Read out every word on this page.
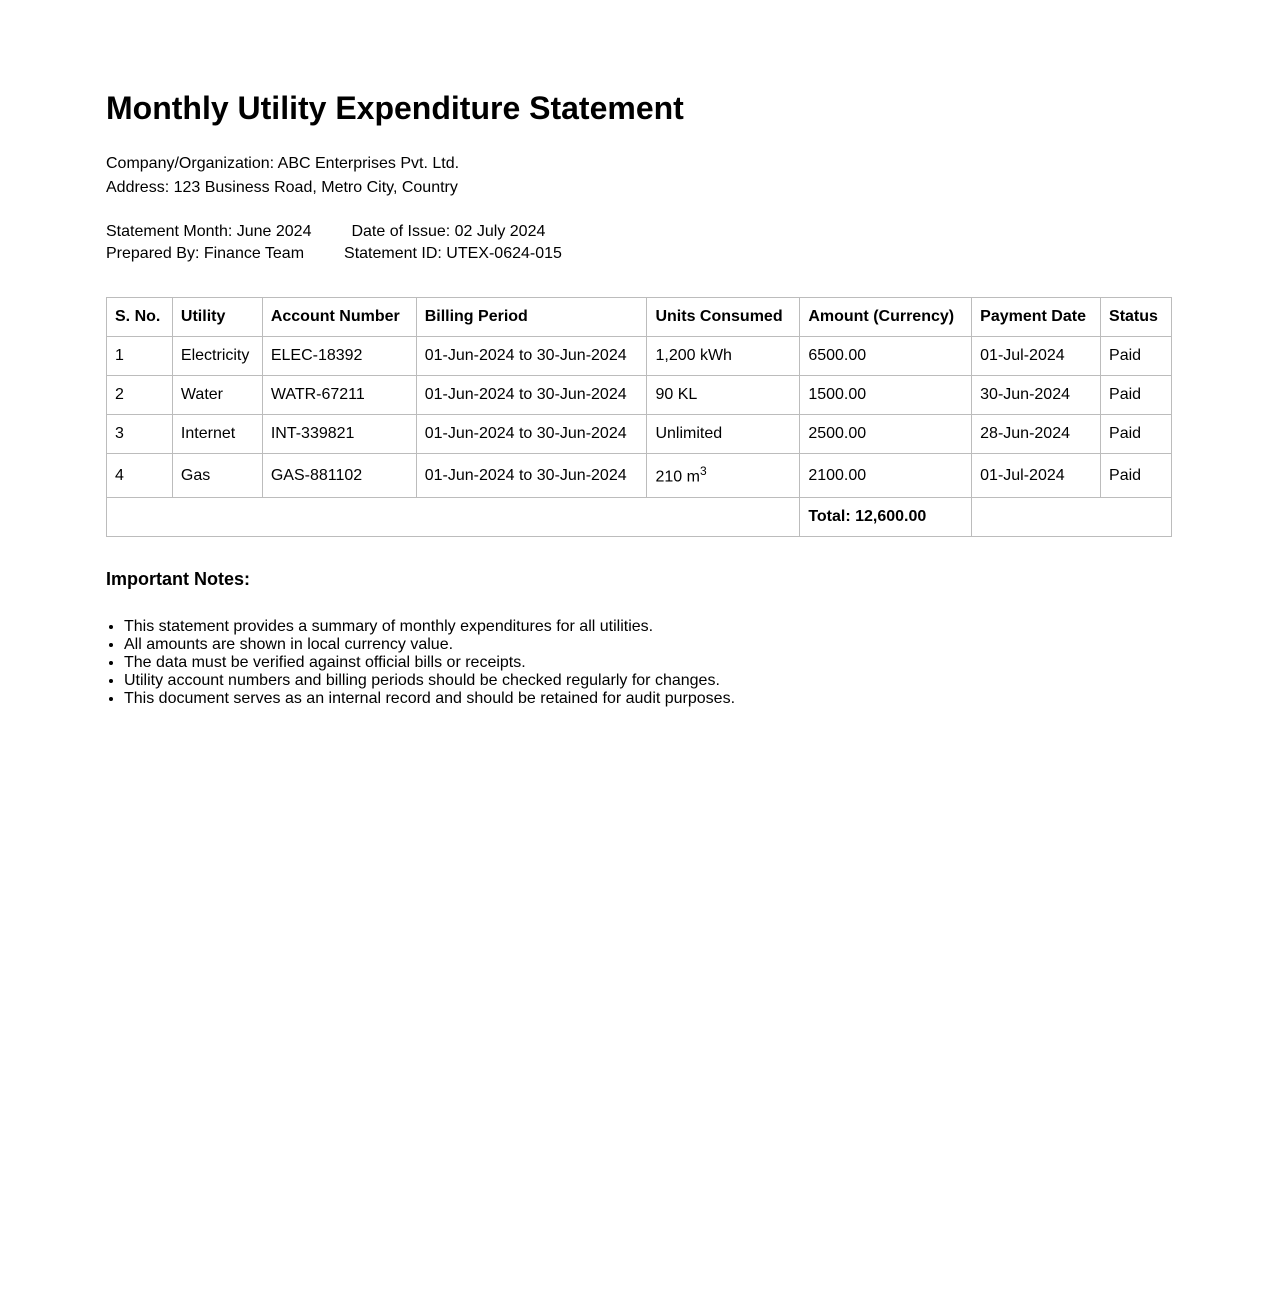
Monthly Utility Expenditure Statement
Company/Organization: ABC Enterprises Pvt. Ltd.
Address: 123 Business Road, Metro City, Country
Statement Month: June 2024	Date of Issue: 02 July 2024
Prepared By: Finance Team	Statement ID: UTEX-0624-015
S. No.	Utility	Account Number	Billing Period	Units Consumed	Amount (Currency)	Payment Date	Status
1	Electricity	ELEC-18392	01-Jun-2024 to 30-Jun-2024	1,200 kWh	6500.00	01-Jul-2024	Paid
2	Water	WATR-67211	01-Jun-2024 to 30-Jun-2024	90 KL	1500.00	30-Jun-2024	Paid
3	Internet	INT-339821	01-Jun-2024 to 30-Jun-2024	Unlimited	2500.00	28-Jun-2024	Paid
4	Gas	GAS-881102	01-Jun-2024 to 30-Jun-2024	210 $m^3$	2100.00	01-Jul-2024	Paid
					Total: 12,600.00		
Important Notes:
• This statement provides a summary of monthly expenditures for all utilities.
• All amounts are shown in local currency value.
• The data must be verified against official bills or receipts.
• Utility account numbers and billing periods should be checked regularly for changes.
• This document serves as an internal record and should be retained for audit purposes.
